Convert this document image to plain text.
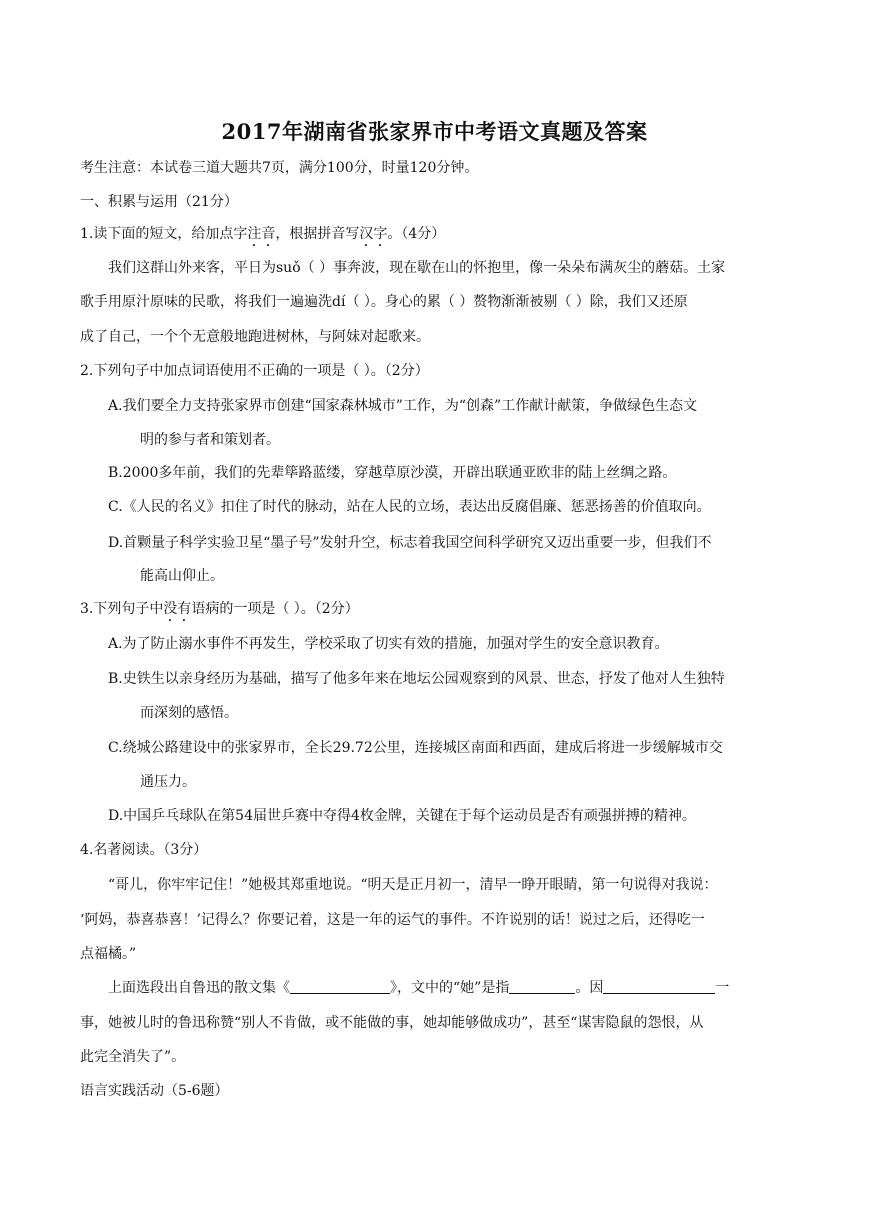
2017年湖南省张家界市中考语文真题及答案
考生注意：本试卷三道大题共7页，满分100分，时量120分钟。
一、积累与运用（21分）
1.读下面的短文，给加点字注音，根据拼音写汉字。（4分）
我们这群山外来客，平日为suǒ（ ）事奔波，现在歇在山的怀抱里，像一朵朵布满灰尘的蘑菇。土家
歌手用原汁原味的民歌，将我们一遍遍洗dí（ ）。身心的累（ ）赘物渐渐被剔（ ）除，我们又还原
成了自己，一个个无意般地跑进树林，与阿妹对起歌来。
2.下列句子中加点词语使用不正确的一项是（ ）。（2分）
A.我们要全力支持张家界市创建“国家森林城市”工作，为“创森”工作献计献策，争做绿色生态文
明的参与者和策划者。
B.2000多年前，我们的先辈筚路蓝缕，穿越草原沙漠，开辟出联通亚欧非的陆上丝绸之路。
C.《人民的名义》扣住了时代的脉动，站在人民的立场，表达出反腐倡廉、惩恶扬善的价值取向。
D.首颗量子科学实验卫星“墨子号”发射升空，标志着我国空间科学研究又迈出重要一步，但我们不
能高山仰止。
3.下列句子中没有语病的一项是（ ）。（2分）
A.为了防止溺水事件不再发生，学校采取了切实有效的措施，加强对学生的安全意识教育。
B.史铁生以亲身经历为基础，描写了他多年来在地坛公园观察到的风景、世态，抒发了他对人生独特
而深刻的感悟。
C.绕城公路建设中的张家界市，全长29.72公里，连接城区南面和西面，建成后将进一步缓解城市交
通压力。
D.中国乒乓球队在第54届世乒赛中夺得4枚金牌，关键在于每个运动员是否有顽强拼搏的精神。
4.名著阅读。（3分）
“哥儿，你牢牢记住！”她极其郑重地说。“明天是正月初一，清早一睁开眼睛，第一句说得对我说：
‘阿妈，恭喜恭喜！’记得么？你要记着，这是一年的运气的事件。不许说别的话！说过之后，还得吃一
点福橘。”
上面选段出自鲁迅的散文集《	》，文中的“她”是指	。因	一
事，她被儿时的鲁迅称赞“别人不肯做，或不能做的事，她却能够做成功”，甚至“谋害隐鼠的怨恨，从
此完全消失了”。
语言实践活动（5-6题）
